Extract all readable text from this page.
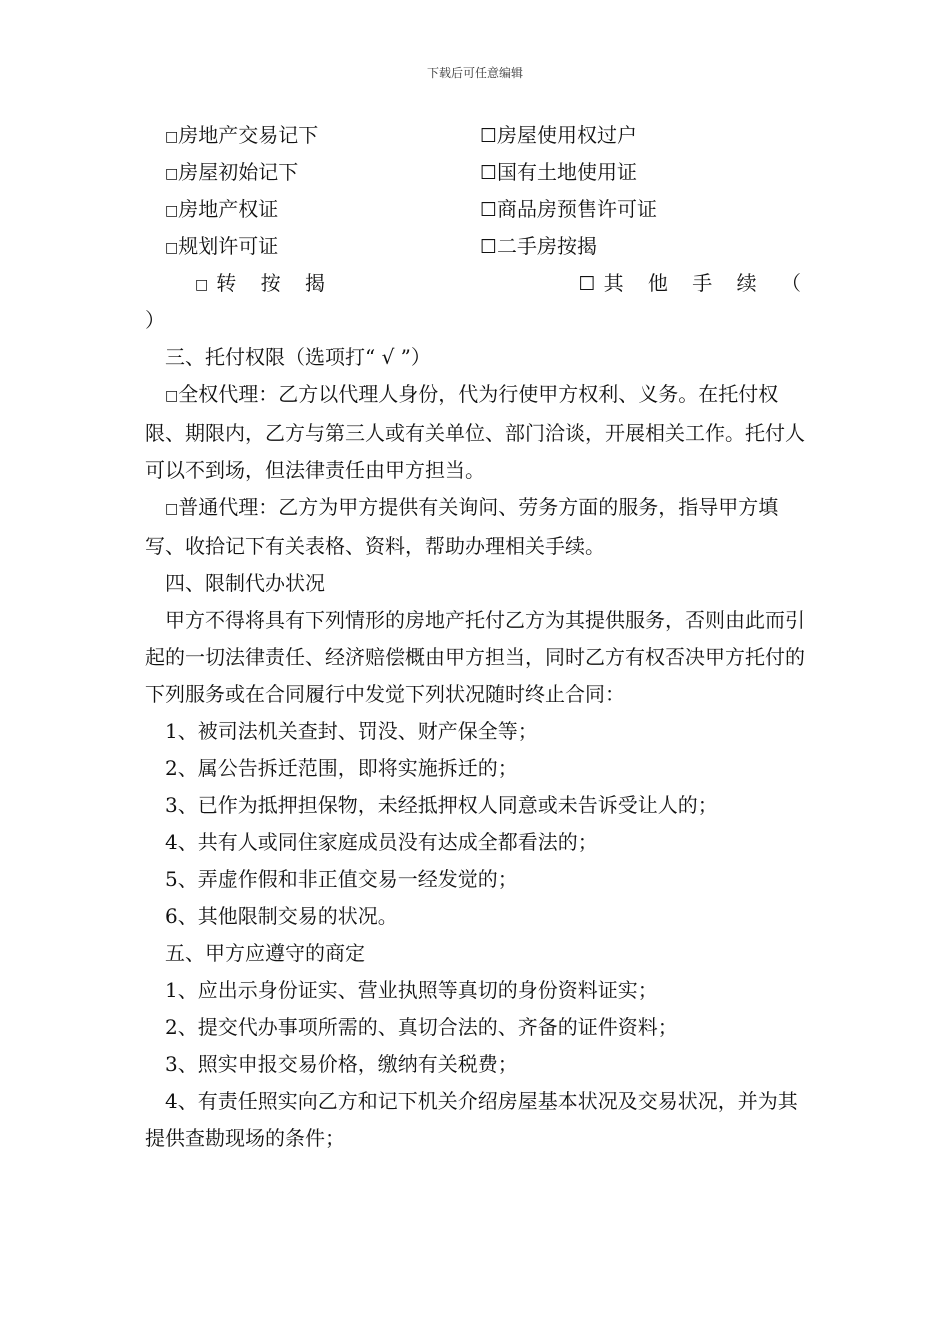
下载后可任意编辑
□房地产交易记下	☐房屋使用权过户
□房屋初始记下	☐国有土地使用证
□房地产权证	☐商品房预售许可证
□规划许可证	☐二手房按揭
□ 转 按 揭	☐ 其 他 手 续 （
）

三、托付权限（选项打“ √ ”）

□全权代理：乙方以代理人身份，代为行使甲方权利、义务。在托付权限、期限内，乙方与第三人或有关单位、部门洽谈，开展相关工作。托付人可以不到场，但法律责任由甲方担当。

□普通代理：乙方为甲方提供有关询问、劳务方面的服务，指导甲方填写、收拾记下有关表格、资料，帮助办理相关手续。

四、限制代办状况

甲方不得将具有下列情形的房地产托付乙方为其提供服务，否则由此而引起的一切法律责任、经济赔偿概由甲方担当，同时乙方有权否决甲方托付的下列服务或在合同履行中发觉下列状况随时终止合同：

1、被司法机关查封、罚没、财产保全等；

2、属公告拆迁范围，即将实施拆迁的；

3、已作为抵押担保物，未经抵押权人同意或未告诉受让人的；

4、共有人或同住家庭成员没有达成全都看法的；

5、弄虚作假和非正值交易一经发觉的；

6、其他限制交易的状况。

五、甲方应遵守的商定

1、应出示身份证实、营业执照等真切的身份资料证实；

2、提交代办事项所需的、真切合法的、齐备的证件资料；

3、照实申报交易价格，缴纳有关税费；

4、有责任照实向乙方和记下机关介绍房屋基本状况及交易状况，并为其提供查勘现场的条件；
